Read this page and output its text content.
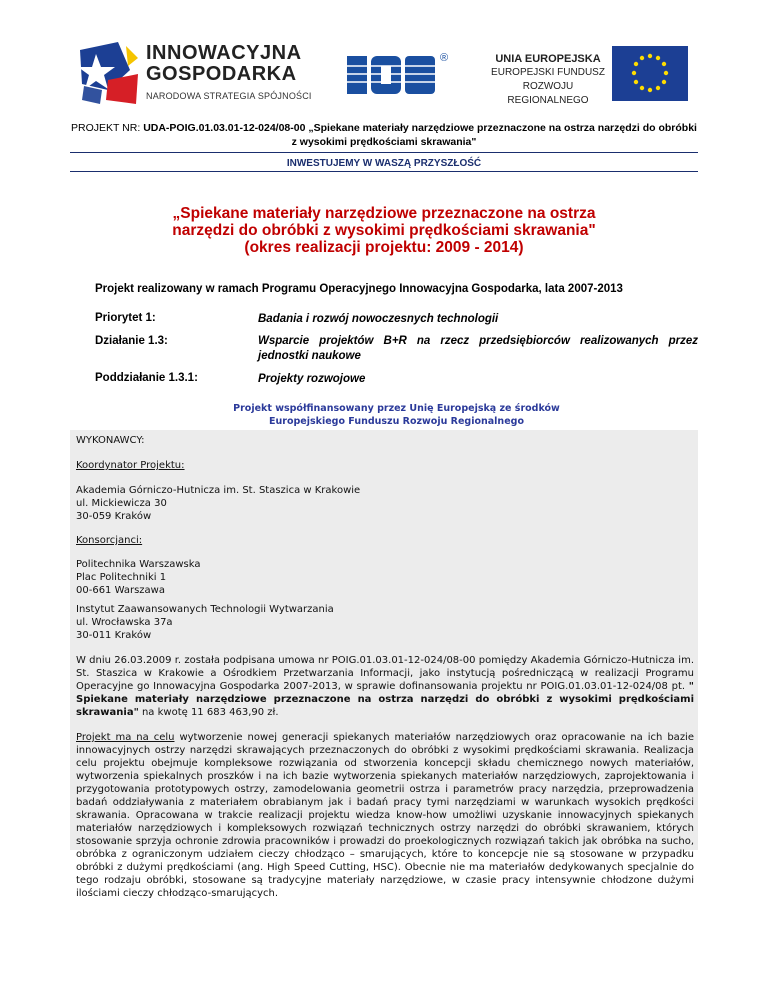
INNOWACYJNA
GOSPODARKA
NARODOWA STRATEGIA SPÓJNOŚCI
®	UNIA EUROPEJSKA
EUROPEJSKI FUNDUSZ
ROZWOJU REGIONALNEGO
PROJEKT NR: UDA-POIG.01.03.01-12-024/08-00 „Spiekane materiały narzędziowe przeznaczone na ostrza narzędzi do obróbki z wysokimi prędkościami skrawania"
INWESTUJEMY W WASZĄ PRZYSZŁOŚĆ
„Spiekane materiały narzędziowe przeznaczone na ostrza
narzędzi do obróbki z wysokimi prędkościami skrawania"
(okres realizacji projektu: 2009 - 2014)
Projekt realizowany w ramach Programu Operacyjnego Innowacyjna Gospodarka, lata 2007-2013
Priorytet 1:	Badania i rozwój nowoczesnych technologii
Działanie 1.3:	Wsparcie projektów B+R na rzecz przedsiębiorców realizowanych przez jednostki naukowe
Poddziałanie 1.3.1:	Projekty rozwojowe
Projekt współfinansowany przez Unię Europejską ze środków
Europejskiego Funduszu Rozwoju Regionalnego
WYKONAWCY:
Koordynator Projektu:
Akademia Górniczo-Hutnicza im. St. Staszica w Krakowie
ul. Mickiewicza 30
30-059 Kraków
Konsorcjanci:
Politechnika Warszawska
Plac Politechniki 1
00-661 Warszawa
Instytut Zaawansowanych Technologii Wytwarzania
ul. Wrocławska 37a
30-011 Kraków
W dniu 26.03.2009 r. została podpisana umowa nr POIG.01.03.01-12-024/08-00 pomiędzy Akademia Górniczo-Hutnicza im. St. Staszica w Krakowie a Ośrodkiem Przetwarzania Informacji, jako instytucją pośredniczącą w realizacji Programu Operacyjne go Innowacyjna Gospodarka 2007-2013, w sprawie dofinansowania projektu nr POIG.01.03.01-12-024/08 pt. " Spiekane materiały narzędziowe przeznaczone na ostrza narzędzi do obróbki z wysokimi prędkościami skrawania" na kwotę 11 683 463,90 zł.
Projekt ma na celu wytworzenie nowej generacji spiekanych materiałów narzędziowych oraz opracowanie na ich bazie innowacyjnych ostrzy narzędzi skrawających przeznaczonych do obróbki z wysokimi prędkościami skrawania. Realizacja celu projektu obejmuje kompleksowe rozwiązania od stworzenia koncepcji składu chemicznego nowych materiałów, wytworzenia spiekalnych proszków i na ich bazie wytworzenia spiekanych materiałów narzędziowych, zaprojektowania i przygotowania prototypowych ostrzy, zamodelowania geometrii ostrza i parametrów pracy narzędzia, przeprowadzenia badań oddziaływania z materiałem obrabianym jak i badań pracy tymi narzędziami w warunkach wysokich prędkości skrawania. Opracowana w trakcie realizacji projektu wiedza know-how umożliwi uzyskanie innowacyjnych spiekanych materiałów narzędziowych i kompleksowych rozwiązań technicznych ostrzy narzędzi do obróbki skrawaniem, których stosowanie sprzyja ochronie zdrowia pracowników i prowadzi do proekologicznych rozwiązań takich jak obróbka na sucho, obróbka z ograniczonym udziałem cieczy chłodząco – smarujących, które to koncepcje nie są stosowane w przypadku obróbki z dużymi prędkościami (ang. High Speed Cutting, HSC). Obecnie nie ma materiałów dedykowanych specjalnie do tego rodzaju obróbki, stosowane są tradycyjne materiały narzędziowe, w czasie pracy intensywnie chłodzone dużymi ilościami cieczy chłodząco-smarujących.
